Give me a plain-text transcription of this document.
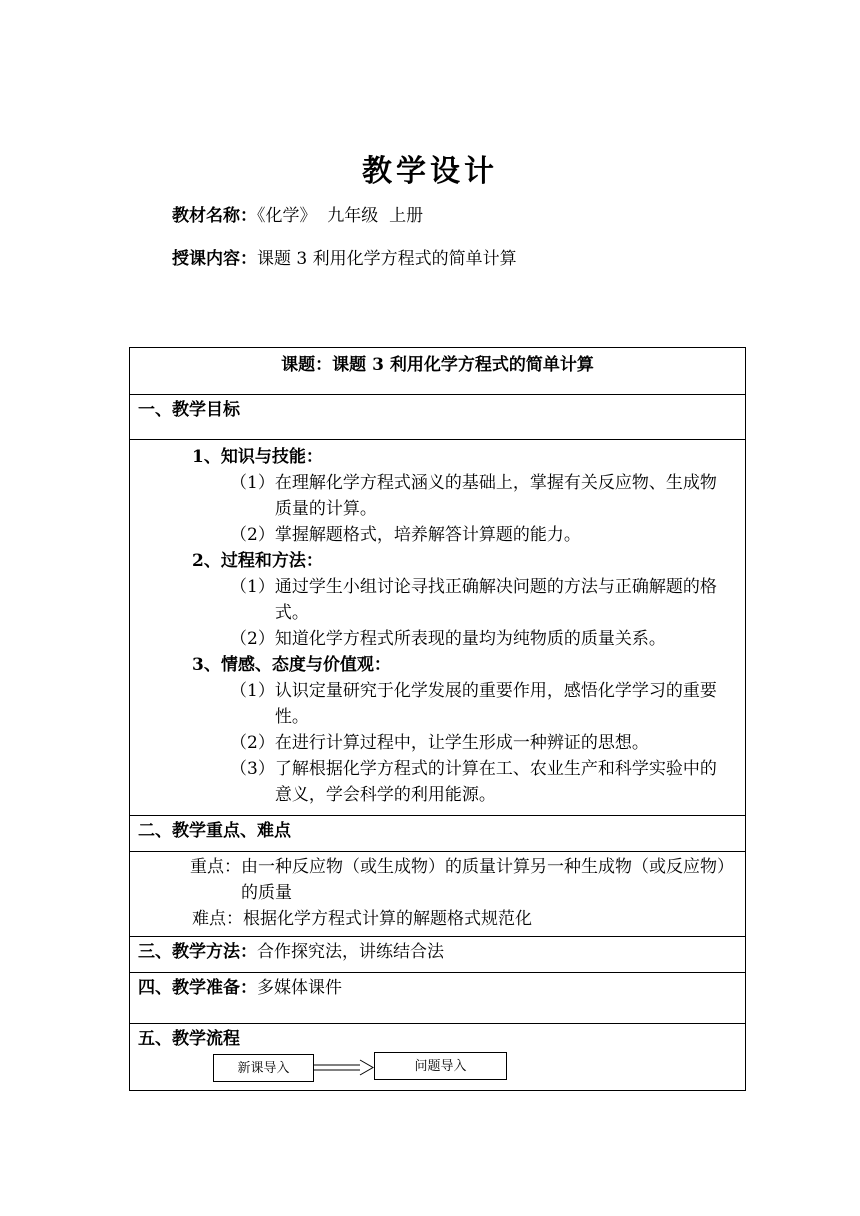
教学设计
教材名称：《化学》  九年级  上册
授课内容：课题 3 利用化学方程式的简单计算
课题：课题 3 利用化学方程式的简单计算

一、教学目标

1、知识与技能：
（1） 在理解化学方程式涵义的基础上，掌握有关反应物、生成物质量的计算。
（2） 掌握解题格式，培养解答计算题的能力。
2、过程和方法：
（1） 通过学生小组讨论寻找正确解决问题的方法与正确解题的格式。
（2） 知道化学方程式所表现的量均为纯物质的质量关系。
3、情感、态度与价值观：
（1） 认识定量研究于化学发展的重要作用，感悟化学学习的重要性。
（2） 在进行计算过程中，让学生形成一种辨证的思想。
（3） 了解根据化学方程式的计算在工、农业生产和科学实验中的意义，学会科学的利用能源。

二、教学重点、难点

重点： 由一种反应物（或生成物）的质量计算另一种生成物（或反应物）的质量
难点： 根据化学方程式计算的解题格式规范化

三、教学方法：合作探究法，讲练结合法
四、教学准备：多媒体课件

五、教学流程
新课导入	问题导入
